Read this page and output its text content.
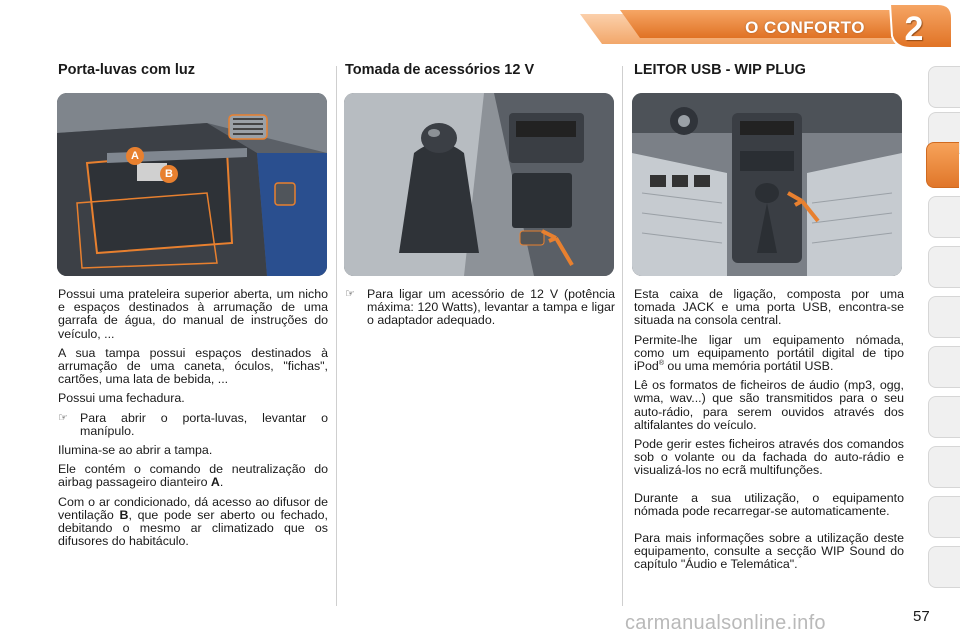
O CONFORTO	2
Porta-luvas com luz	Tomada de acessórios 12 V	LEITOR USB - WIP PLUG
A
B

Possui uma prateleira superior aberta, um nicho e espaços destinados à arrumação de uma garrafa de água, do manual de instruções do veículo, ...

A sua tampa possui espaços destinados à arrumação de uma caneta, óculos, "fichas", cartões, uma lata de bebida, ...

Possui uma fechadura.

☞ Para abrir o porta-luvas, levantar o manípulo.

Ilumina-se ao abrir a tampa.

Ele contém o comando de neutralização do airbag passageiro dianteiro A.

Com o ar condicionado, dá acesso ao difusor de ventilação B, que pode ser aberto ou fechado, debitando o mesmo ar climatizado que os difusores do habitáculo.

☞ Para ligar um acessório de 12 V (potência máxima: 120 Watts), levantar a tampa e ligar o adaptador adequado.

Esta caixa de ligação, composta por uma tomada JACK e uma porta USB, encontra-se situada na consola central.

Permite-lhe ligar um equipamento nómada, como um equipamento portátil digital de tipo iPod® ou uma memória portátil USB.

Lê os formatos de ficheiros de áudio (mp3, ogg, wma, wav...) que são transmitidos para o seu auto-rádio, para serem ouvidos através dos altifalantes do veículo.

Pode gerir estes ficheiros através dos comandos sob o volante ou da fachada do auto-rádio e visualizá-los no ecrã multifunções.

Durante a sua utilização, o equipamento nómada pode recarregar-se automaticamente.

Para mais informações sobre a utilização deste equipamento, consulte a secção WIP Sound do capítulo "Áudio e Telemática".

carmanualsonline.info	57
